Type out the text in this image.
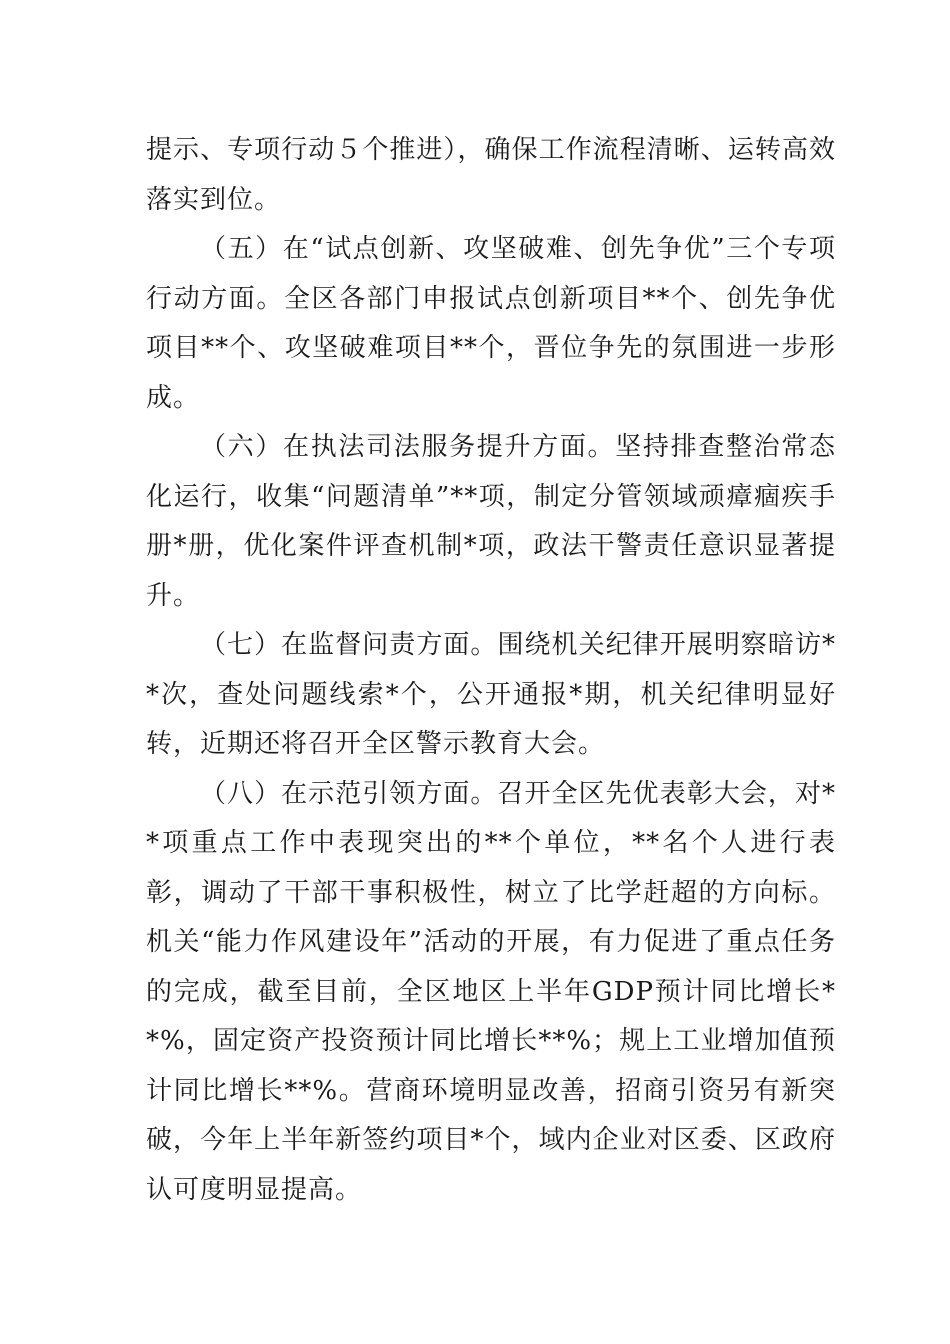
提示、专项行动５个推进），确保工作流程清晰、运转高效落实到位。

（五）在“试点创新、攻坚破难、创先争优”三个专项行动方面。全区各部门申报试点创新项目**个、创先争优项目**个、攻坚破难项目**个，晋位争先的氛围进一步形成。

（六）在执法司法服务提升方面。坚持排查整治常态化运行，收集“问题清单”**项，制定分管领域顽瘴痼疾手册*册，优化案件评查机制*项，政法干警责任意识显著提升。

（七）在监督问责方面。围绕机关纪律开展明察暗访**次，查处问题线索*个，公开通报*期，机关纪律明显好转，近期还将召开全区警示教育大会。

（八）在示范引领方面。召开全区先优表彰大会，对**项重点工作中表现突出的**个单位，**名个人进行表彰，调动了干部干事积极性，树立了比学赶超的方向标。机关“能力作风建设年”活动的开展，有力促进了重点任务的完成，截至目前，全区地区上半年GDP预计同比增长**%，固定资产投资预计同比增长**%；规上工业增加值预计同比增长**%。营商环境明显改善，招商引资另有新突破，今年上半年新签约项目*个，域内企业对区委、区政府认可度明显提高。
